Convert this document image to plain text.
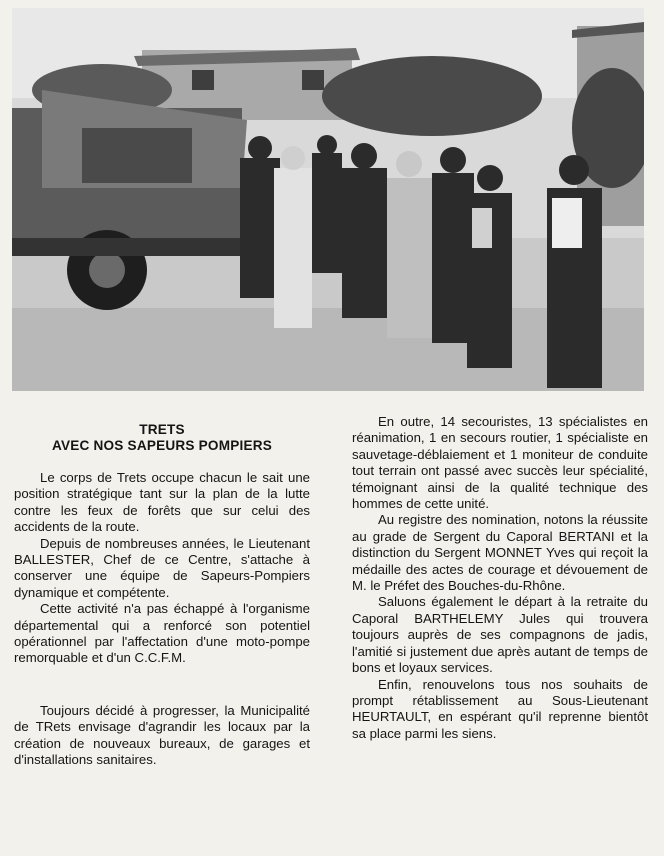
TRETS
AVEC NOS SAPEURS POMPIERS

Le corps de Trets occupe chacun le sait une position stratégique tant sur la plan de la lutte contre les feux de forêts que sur celui des accidents de la route.

Depuis de nombreuses années, le Lieutenant BALLESTER, Chef de ce Centre, s'attache à conserver une équipe de Sapeurs-Pompiers dynamique et compétente.

Cette activité n'a pas échappé à l'organisme départemental qui a renforcé son potentiel opérationnel par l'affectation d'une moto-pompe remorquable et d'un C.C.F.M.

Toujours décidé à progresser, la Municipalité de TRets envisage d'agrandir les locaux par la création de nouveaux bureaux, de garages et d'installations sanitaires.

En outre, 14 secouristes, 13 spécialistes en réanimation, 1 en secours routier, 1 spécialiste en sauvetage-déblaiement et 1 moniteur de conduite tout terrain ont passé avec succès leur spécialité, témoignant ainsi de la qualité technique des hommes de cette unité.

Au registre des nomination, notons la réussite au grade de Sergent du Caporal BERTANI et la distinction du Sergent MONNET Yves qui reçoit la médaille des actes de courage et dévouement de M. le Préfet des Bouches-du-Rhône.

Saluons également le départ à la retraite du Caporal BARTHELEMY Jules qui trouvera toujours auprès de ses compagnons de jadis, l'amitié si justement due après autant de temps de bons et loyaux services.

Enfin, renouvelons tous nos souhaits de prompt rétablissement au Sous-Lieutenant HEURTAULT, en espérant qu'il reprenne bientôt sa place parmi les siens.
